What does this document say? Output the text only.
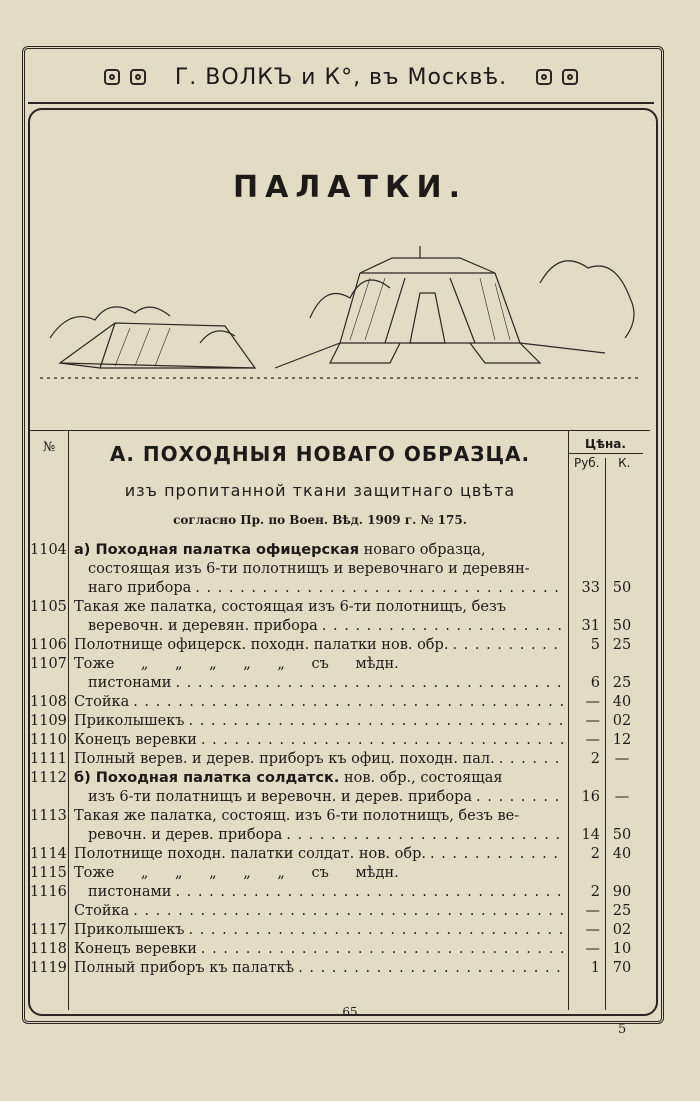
Г. ВОЛКЪ и К°, въ Москвѣ.
ПАЛАТКИ.
№	Цѣна.
Руб.	К.
А. ПОХОДНЫЯ НОВАГО ОБРАЗЦА.
изъ пропитанной ткани защитнаго цвѣта
согласно Пр. по Воен. Вѣд. 1909 г. № 175.
1104 а) Походная палатка офицерская новаго образца,
состоящая изъ 6-ти полотнищъ и веревочнаго и деревян-
наго прибора . . .	33 50
1105 Такая же палатка, состоящая изъ 6-ти полотнищъ, безъ
веревочн. и деревян. прибора . . .	31 50
1106 Полотнище офицерск. походн. палатки нов. обр. . . .	5 25
1107 Тоже „ „ „ „ „ съ мѣдн.
пистонами . . .	6 25
1108 Стойка . . .	— 40
1109 Приколышекъ . . .	— 02
1110 Конецъ веревки . . .	— 12
1111 Полный верев. и дерев. приборъ къ офиц. походн. пал. . . .	2	—
1112 б) Походная палатка солдатск. нов. обр., состоящая
изъ 6-ти полатнищъ и веревочн. и дерев. прибора . . .	16	—
1113 Такая же палатка, состоящ. изъ 6-ти полотнищъ, безъ ве-
ревочн. и дерев. прибора . . .	14 50
1114 Полотнище походн. палатки солдат. нов. обр. . . .	2 40
1115 Тоже „ „ „ „ „ съ мѣдн.
1116 пистонами . . .	2 90
Стойка . . .	— 25
1117 Приколышекъ . . .	— 02
1118 Конецъ веревки . . .	— 10
1119 Полный приборъ къ палаткѣ . . .	1 70
65
5
